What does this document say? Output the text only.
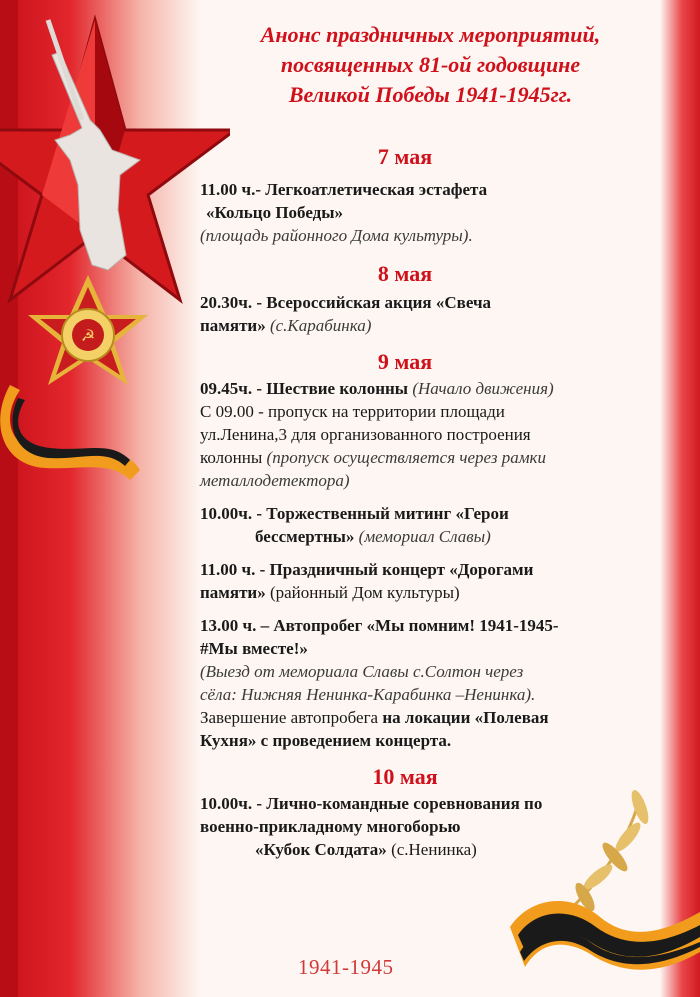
☭
1941-1945
Анонс праздничных мероприятий,
посвященных 81-ой годовщине
Великой Победы 1941-1945гг.
7 мая
11.00 ч.- Легкоатлетическая эстафета
«Кольцо Победы»
(площадь районного Дома культуры).
8 мая
20.30ч. - Всероссийская акция «Свеча
памяти» (с.Карабинка)
9 мая
09.45ч. - Шествие колонны (Начало движения)
С 09.00 - пропуск на территории площади
ул.Ленина,3 для организованного построения
колонны (пропуск осуществляется через рамки
металлодетектора)
10.00ч. - Торжественный митинг «Герои
бессмертны» (мемориал Славы)
11.00 ч. - Праздничный концерт «Дорогами
памяти» (районный Дом культуры)
13.00 ч. – Автопробег «Мы помним! 1941-1945-
#Мы вместе!»
(Выезд от мемориала Славы с.Солтон через
сёла: Нижняя Ненинка-Карабинка –Ненинка).
Завершение автопробега на локации «Полевая
Кухня» с проведением концерта.
10 мая
10.00ч. - Лично-командные соревнования по
военно-прикладному многоборью
«Кубок Солдата» (с.Ненинка)
